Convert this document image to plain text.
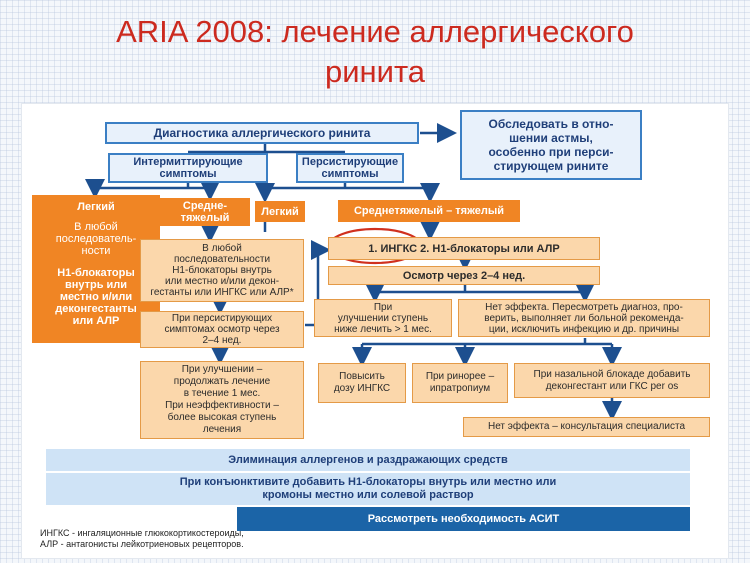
ARIA 2008: лечение аллергического
ринита
Диагностика аллергического ринита
Обследовать в отно-
шении астмы,
особенно при перси-
стирующем рините
Интермиттирующие
симптомы
Персистирующие
симптомы
Легкий
В любой
последователь-
ности
Н1-блокаторы
внутрь или
местно и/или
деконгестанты
или АЛР
Средне-
тяжелый
Легкий	Среднетяжелый – тяжелый
В любой
последовательности
Н1-блокаторы внутрь
или местно и/или декон-
гестанты или ИНГКС или АЛР*
При персистирующих
симптомах осмотр через
2–4 нед.
При улучшении –
продолжать лечение
в течение 1 мес.
При неэффективности –
более высокая ступень
лечения
1. ИНГКС 2. Н1-блокаторы или АЛР
Осмотр через 2–4 нед.
При
улучшении ступень
ниже лечить > 1 мес.
Нет эффекта. Пересмотреть диагноз, про-
верить, выполняет ли больной рекоменда-
ции, исключить инфекцию и др. причины
Повысить
дозу ИНГКС
При ринорее –
ипратропиум
При назальной блокаде добавить
деконгестант или ГКС per os
Нет эффекта – консультация специалиста
Элиминация аллергенов и раздражающих средств
При конъюнктивите добавить Н1-блокаторы внутрь или местно или
кромоны местно или солевой раствор
Рассмотреть необходимость АСИТ
ИНГКС - ингаляционные глюкокортикостероиды,
АЛР - антагонисты лейкотриеновых рецепторов.
